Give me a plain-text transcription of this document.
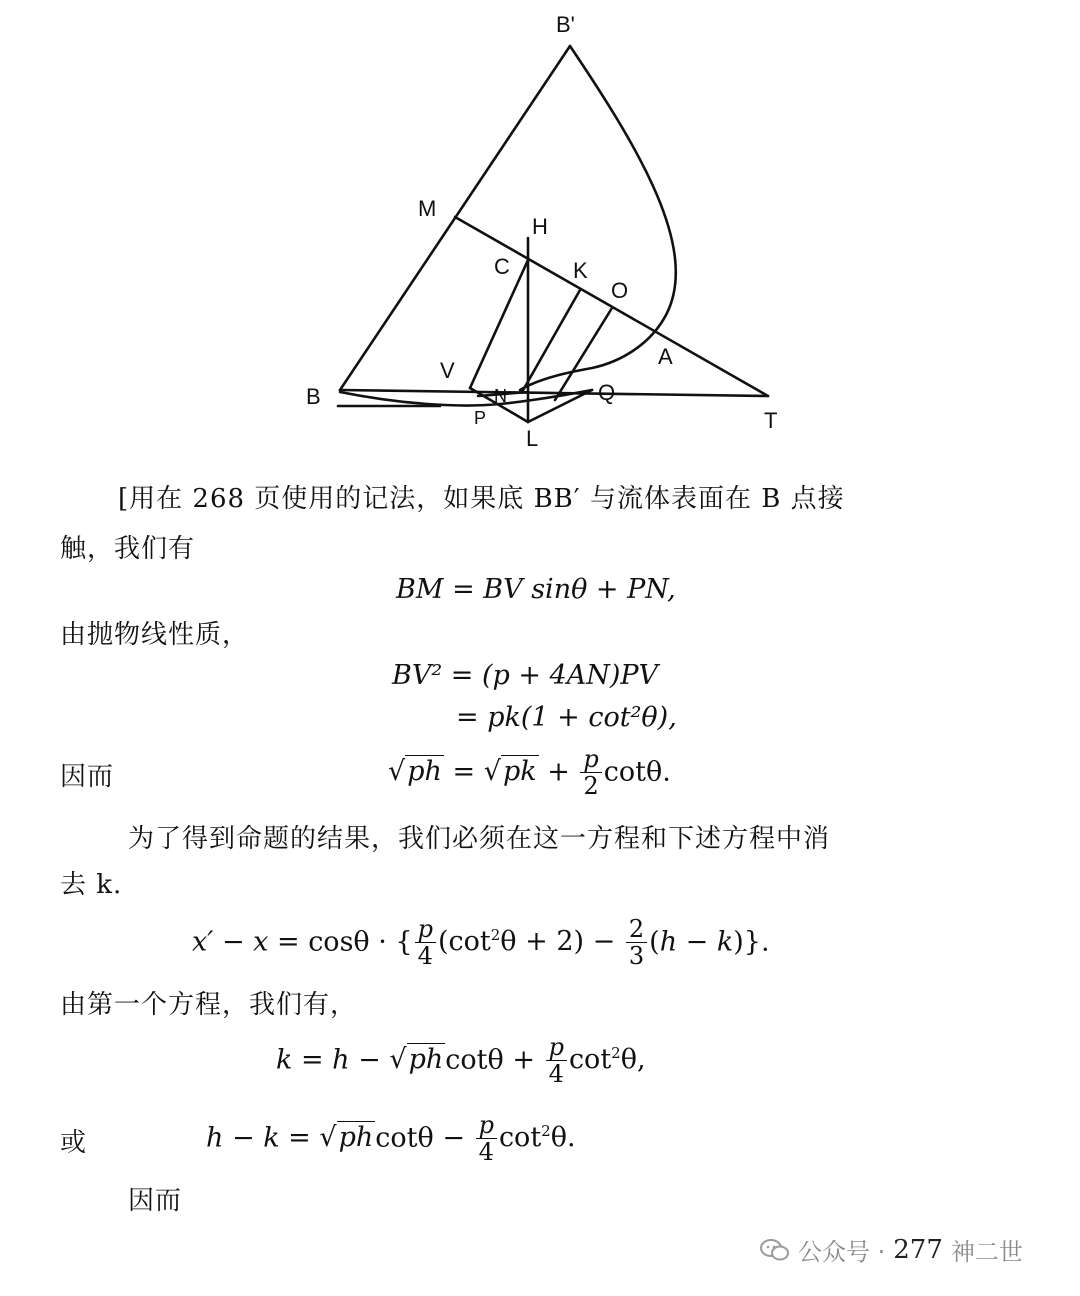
B'
M
H
C	K
O
A
V
B	Q
N
P
L
T
[用在 268 页使用的记法，如果底 BB′ 与流体表面在 B 点接
触，我们有
BM = BV sinθ + PN,
由抛物线性质，
BV² = (p + 4AN)PV
= pk(1 + cot²θ),
因而	$√ph = √pk + \frac{p}{2} \cot\theta$.
为了得到命题的结果，我们必须在这一方程和下述方程中消
去 k.
x′ − x = cosθ · { $\frac{p}{4} (\cot^2\theta + 2) - \frac{2}{3} (h - k)$}.
由第一个方程，我们有，
$k = h - √phcot\theta + \frac{p}{4} \cot^2\theta$,
或	$h - k = √phcot\theta - \frac{p}{4} \cot^2\theta$.
因而
公众号 · 277 神二世
